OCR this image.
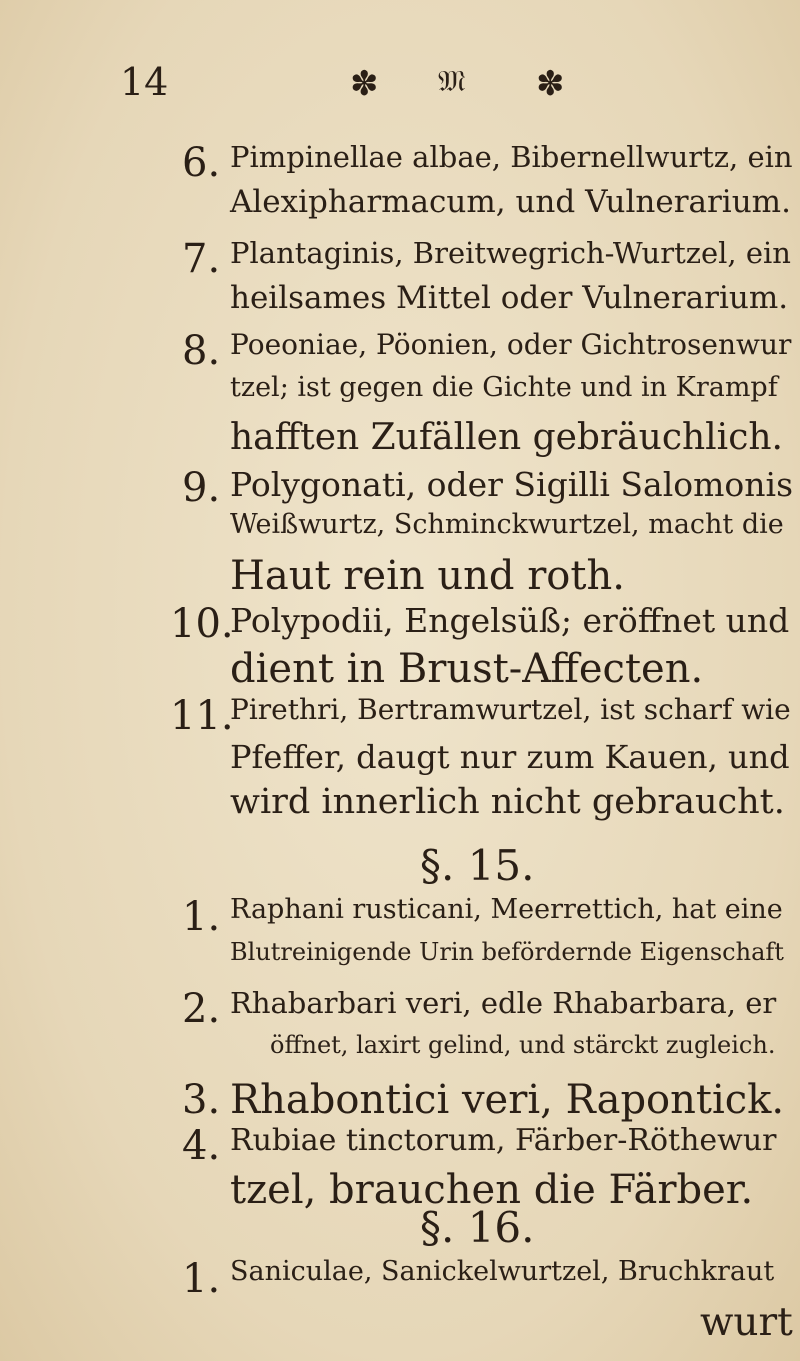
14	✽ 𝔐 ✽
6. Pimpinellae albae, Bibernellwurtz, ein
Alexipharmacum, und Vulnerarium.
7. Plantaginis, Breitwegrich-Wurtzel, ein
heilsames Mittel oder Vulnerarium.
8. Poeoniae, Pöonien, oder Gichtrosenwur
tzel; ist gegen die Gichte und in Krampf
hafften Zufällen gebräuchlich.
9. Polygonati, oder Sigilli Salomonis
Weißwurtz, Schminckwurtzel, macht die
Haut rein und roth.
10.
Polypodii, Engelsüß; eröffnet und
dient in Brust-Affecten.
11.
Pirethri, Bertramwurtzel, ist scharf wie
Pfeffer, daugt nur zum Kauen, und
wird innerlich nicht gebraucht.
§. 15.
1. Raphani rusticani, Meerrettich, hat eine
Blutreinigende Urin befördernde Eigenschaft
2. Rhabarbari veri, edle Rhabarbara, er
öffnet, laxirt gelind, und stärckt zugleich.
3. Rhabontici veri, Rapontick.
4. Rubiae tinctorum, Färber-Röthewur
tzel, brauchen die Färber.
§. 16.
1. Saniculae, Sanickelwurtzel, Bruchkraut
wurt
